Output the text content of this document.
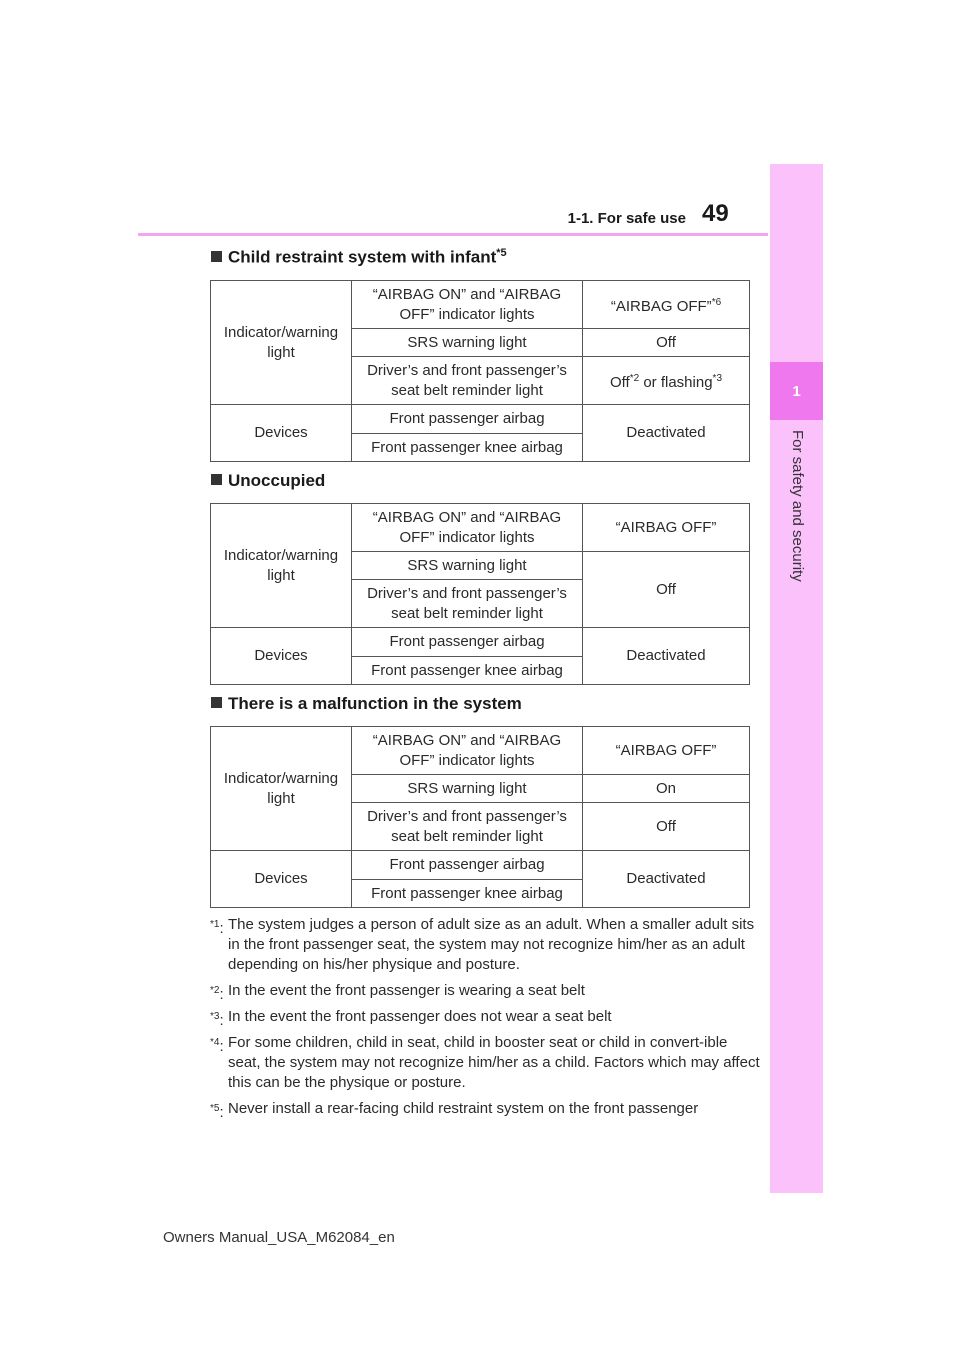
1-1. For safe use 49
1
For safety and security
Child restraint system with infant$^{*5}$
Indicator/warning light	“AIRBAG ON” and “AIRBAG OFF” indicator lights	“AIRBAG OFF”$^{*6}$
	SRS warning light	Off
	Driver’s and front passenger’s seat belt reminder light	Off$^{*2}$ or flashing$^{*3}$
Devices	Front passenger airbag	Deactivated
	Front passenger knee airbag	
Unoccupied
Indicator/warning light	“AIRBAG ON” and “AIRBAG OFF” indicator lights	“AIRBAG OFF”
	SRS warning light	Off
	Driver’s and front passenger’s seat belt reminder light	
Devices	Front passenger airbag	Deactivated
	Front passenger knee airbag	
There is a malfunction in the system
Indicator/warning light	“AIRBAG ON” and “AIRBAG OFF” indicator lights	“AIRBAG OFF”
	SRS warning light	On
	Driver’s and front passenger’s seat belt reminder light	Off
Devices	Front passenger airbag	Deactivated
	Front passenger knee airbag	
$^{*1}$: The system judges a person of adult size as an adult. When a smaller adult sits in the front passenger seat, the system may not recognize him/her as an adult depending on his/her physique and posture.
$^{*2}$: In the event the front passenger is wearing a seat belt
$^{*3}$: In the event the front passenger does not wear a seat belt
$^{*4}$: For some children, child in seat, child in booster seat or child in convert-ible seat, the system may not recognize him/her as a child. Factors which may affect this can be the physique or posture.
$^{*5}$: Never install a rear-facing child restraint system on the front passenger
Owners Manual_USA_M62084_en
